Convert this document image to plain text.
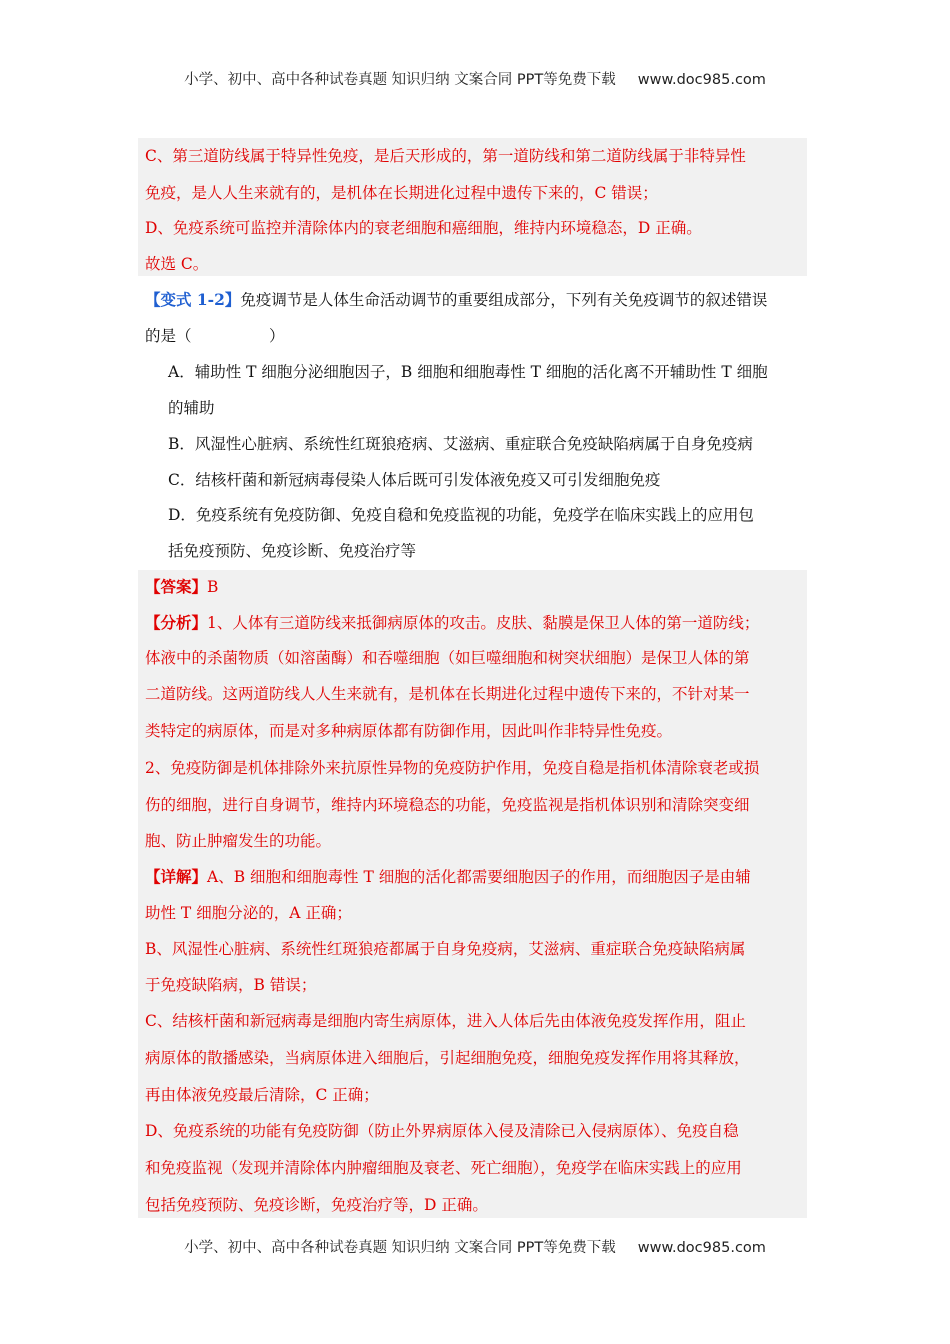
小学、初中、高中各种试卷真题 知识归纳 文案合同 PPT等免费下载 www.doc985.com
C、第三道防线属于特异性免疫，是后天形成的，第一道防线和第二道防线属于非特异性
免疫，是人人生来就有的，是机体在长期进化过程中遗传下来的，C 错误；
D、免疫系统可监控并清除体内的衰老细胞和癌细胞，维持内环境稳态，D 正确。
故选 C。
【变式 1-2】免疫调节是人体生命活动调节的重要组成部分，下列有关免疫调节的叙述错误
的是（　　　　　）
A．辅助性 T 细胞分泌细胞因子，B 细胞和细胞毒性 T 细胞的活化离不开辅助性 T 细胞
的辅助
B．风湿性心脏病、系统性红斑狼疮病、艾滋病、重症联合免疫缺陷病属于自身免疫病
C．结核杆菌和新冠病毒侵染人体后既可引发体液免疫又可引发细胞免疫
D．免疫系统有免疫防御、免疫自稳和免疫监视的功能，免疫学在临床实践上的应用包
括免疫预防、免疫诊断、免疫治疗等
【答案】B
【分析】1、人体有三道防线来抵御病原体的攻击。皮肤、黏膜是保卫人体的第一道防线；
体液中的杀菌物质（如溶菌酶）和吞噬细胞（如巨噬细胞和树突状细胞）是保卫人体的第
二道防线。这两道防线人人生来就有，是机体在长期进化过程中遗传下来的，不针对某一
类特定的病原体，而是对多种病原体都有防御作用，因此叫作非特异性免疫。
2、免疫防御是机体排除外来抗原性异物的免疫防护作用，免疫自稳是指机体清除衰老或损
伤的细胞，进行自身调节，维持内环境稳态的功能，免疫监视是指机体识别和清除突变细
胞、防止肿瘤发生的功能。
【详解】A、B 细胞和细胞毒性 T 细胞的活化都需要细胞因子的作用，而细胞因子是由辅
助性 T 细胞分泌的，A 正确；
B、风湿性心脏病、系统性红斑狼疮都属于自身免疫病，艾滋病、重症联合免疫缺陷病属
于免疫缺陷病，B 错误；
C、结核杆菌和新冠病毒是细胞内寄生病原体，进入人体后先由体液免疫发挥作用，阻止
病原体的散播感染，当病原体进入细胞后，引起细胞免疫，细胞免疫发挥作用将其释放，
再由体液免疫最后清除，C 正确；
D、免疫系统的功能有免疫防御（防止外界病原体入侵及清除已入侵病原体）、免疫自稳
和免疫监视（发现并清除体内肿瘤细胞及衰老、死亡细胞），免疫学在临床实践上的应用
包括免疫预防、免疫诊断，免疫治疗等，D 正确。
小学、初中、高中各种试卷真题 知识归纳 文案合同 PPT等免费下载 www.doc985.com
